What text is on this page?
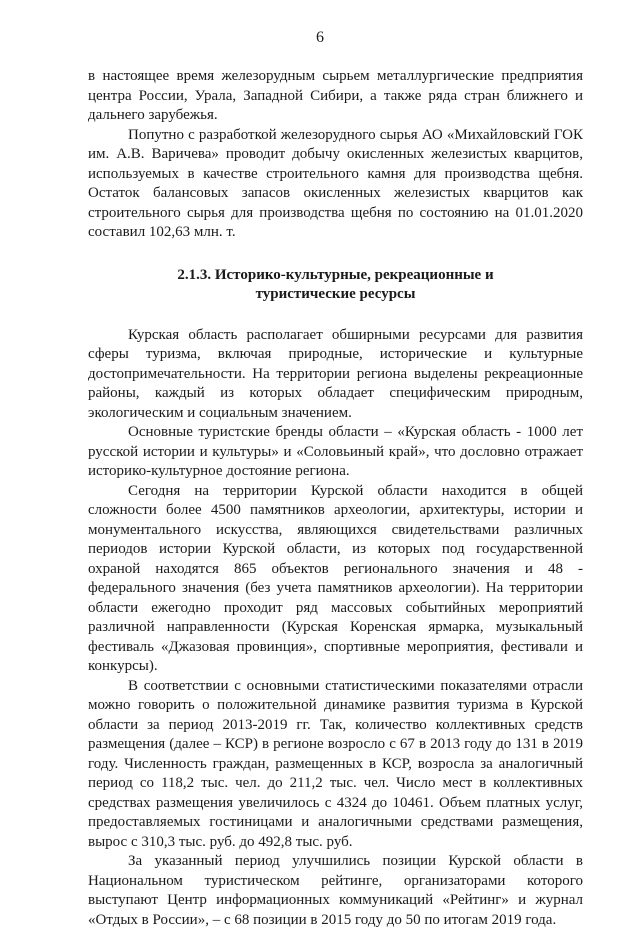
6

в настоящее время железорудным сырьем металлургические предприятия центра России, Урала, Западной Сибири, а также ряда стран ближнего и дальнего зарубежья.

Попутно с разработкой железорудного сырья АО «Михайловский ГОК им. А.В. Варичева» проводит добычу окисленных железистых кварцитов, используемых в качестве строительного камня для производства щебня. Остаток балансовых запасов окисленных железистых кварцитов как строительного сырья для производства щебня по состоянию на 01.01.2020 составил 102,63 млн. т.

2.1.3. Историко-культурные, рекреационные и
туристические ресурсы

Курская область располагает обширными ресурсами для развития сферы туризма, включая природные, исторические и культурные достопримечательности. На территории региона выделены рекреационные районы, каждый из которых обладает специфическим природным, экологическим и социальным значением.

Основные туристские бренды области – «Курская область - 1000 лет русской истории и культуры» и «Соловьиный край», что дословно отражает историко-культурное достояние региона.

Сегодня на территории Курской области находится в общей сложности более 4500 памятников археологии, архитектуры, истории и монументального искусства, являющихся свидетельствами различных периодов истории Курской области, из которых под государственной охраной находятся 865 объектов регионального значения и 48 - федерального значения (без учета памятников археологии). На территории области ежегодно проходит ряд массовых событийных мероприятий различной направленности (Курская Коренская ярмарка, музыкальный фестиваль «Джазовая провинция», спортивные мероприятия, фестивали и конкурсы).

В соответствии с основными статистическими показателями отрасли можно говорить о положительной динамике развития туризма в Курской области за период 2013-2019 гг. Так, количество коллективных средств размещения (далее – КСР) в регионе возросло с 67 в 2013 году до 131 в 2019 году. Численность граждан, размещенных в КСР, возросла за аналогичный период со 118,2 тыс. чел. до 211,2 тыс. чел. Число мест в коллективных средствах размещения увеличилось с 4324 до 10461. Объем платных услуг, предоставляемых гостиницами и аналогичными средствами размещения, вырос с 310,3 тыс. руб. до 492,8 тыс. руб.

За указанный период улучшились позиции Курской области в Национальном туристическом рейтинге, организаторами которого выступают Центр информационных коммуникаций «Рейтинг» и журнал «Отдых в России», – с 68 позиции в 2015 году до 50 по итогам 2019 года.
